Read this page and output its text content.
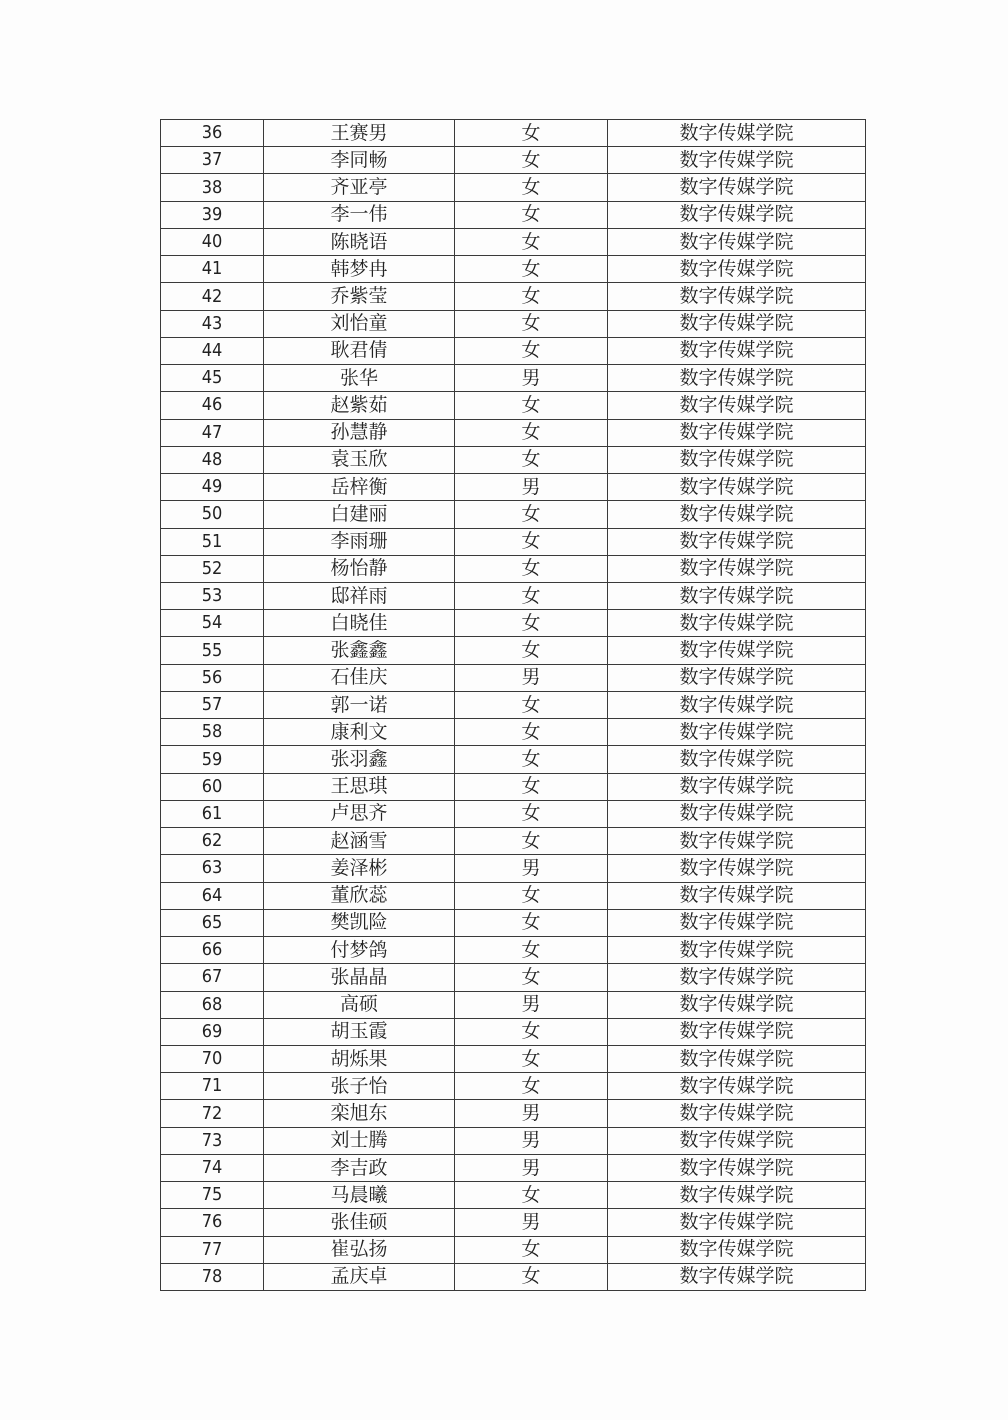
36	王赛男	女	数字传媒学院
37	李同畅	女	数字传媒学院
38	齐亚亭	女	数字传媒学院
39	李一伟	女	数字传媒学院
40	陈晓语	女	数字传媒学院
41	韩梦冉	女	数字传媒学院
42	乔紫莹	女	数字传媒学院
43	刘怡童	女	数字传媒学院
44	耿君倩	女	数字传媒学院
45	张华	男	数字传媒学院
46	赵紫茹	女	数字传媒学院
47	孙慧静	女	数字传媒学院
48	袁玉欣	女	数字传媒学院
49	岳梓衡	男	数字传媒学院
50	白建丽	女	数字传媒学院
51	李雨珊	女	数字传媒学院
52	杨怡静	女	数字传媒学院
53	邸祥雨	女	数字传媒学院
54	白晓佳	女	数字传媒学院
55	张鑫鑫	女	数字传媒学院
56	石佳庆	男	数字传媒学院
57	郭一诺	女	数字传媒学院
58	康利文	女	数字传媒学院
59	张羽鑫	女	数字传媒学院
60	王思琪	女	数字传媒学院
61	卢思齐	女	数字传媒学院
62	赵涵雪	女	数字传媒学院
63	姜泽彬	男	数字传媒学院
64	董欣蕊	女	数字传媒学院
65	樊凯险	女	数字传媒学院
66	付梦鸽	女	数字传媒学院
67	张晶晶	女	数字传媒学院
68	高硕	男	数字传媒学院
69	胡玉霞	女	数字传媒学院
70	胡烁果	女	数字传媒学院
71	张子怡	女	数字传媒学院
72	栾旭东	男	数字传媒学院
73	刘士腾	男	数字传媒学院
74	李吉政	男	数字传媒学院
75	马晨曦	女	数字传媒学院
76	张佳硕	男	数字传媒学院
77	崔弘扬	女	数字传媒学院
78	孟庆卓	女	数字传媒学院
